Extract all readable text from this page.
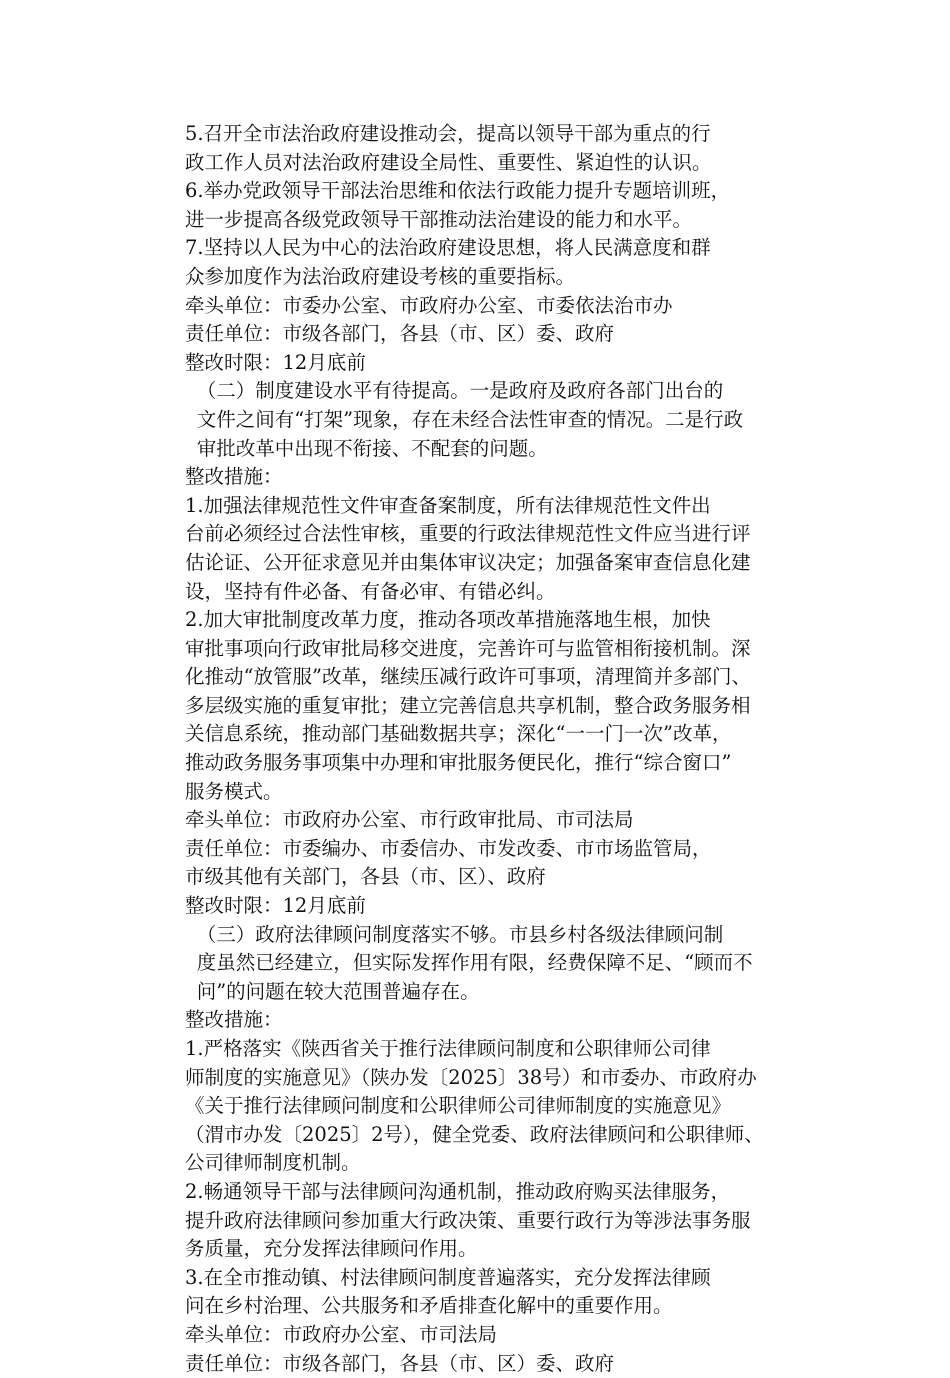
5.召开全市法治政府建设推动会，提高以领导干部为重点的行
政工作人员对法治政府建设全局性、重要性、紧迫性的认识。

6.举办党政领导干部法治思维和依法行政能力提升专题培训班，
进一步提高各级党政领导干部推动法治建设的能力和水平。

7.坚持以人民为中心的法治政府建设思想，将人民满意度和群
众参加度作为法治政府建设考核的重要指标。

牵头单位：市委办公室、市政府办公室、市委依法治市办

责任单位：市级各部门，各县（市、区）委、政府

整改时限：12月底前

（二）制度建设水平有待提高。一是政府及政府各部门出台的
文件之间有“打架”现象，存在未经合法性审查的情况。二是行政
审批改革中出现不衔接、不配套的问题。

整改措施：

1.加强法律规范性文件审查备案制度，所有法律规范性文件出
台前必须经过合法性审核，重要的行政法律规范性文件应当进行评
估论证、公开征求意见并由集体审议决定；加强备案审查信息化建
设，坚持有件必备、有备必审、有错必纠。

2.加大审批制度改革力度，推动各项改革措施落地生根，加快
审批事项向行政审批局移交进度，完善许可与监管相衔接机制。深
化推动“放管服”改革，继续压减行政许可事项，清理简并多部门、
多层级实施的重复审批；建立完善信息共享机制，整合政务服务相
关信息系统，推动部门基础数据共享；深化“一一门一次”改革，
推动政务服务事项集中办理和审批服务便民化，推行“综合窗口”
服务模式。

牵头单位：市政府办公室、市行政审批局、市司法局

责任单位：市委编办、市委信办、市发改委、市市场监管局，
市级其他有关部门，各县（市、区）、政府

整改时限：12月底前

（三）政府法律顾问制度落实不够。市县乡村各级法律顾问制
度虽然已经建立，但实际发挥作用有限，经费保障不足、“顾而不
问”的问题在较大范围普遍存在。

整改措施：

1.严格落实《陕西省关于推行法律顾问制度和公职律师公司律
师制度的实施意见》（陕办发〔2025〕38号）和市委办、市政府办
《关于推行法律顾问制度和公职律师公司律师制度的实施意见》
（渭市办发〔2025〕2号），健全党委、政府法律顾问和公职律师、
公司律师制度机制。

2.畅通领导干部与法律顾问沟通机制，推动政府购买法律服务，
提升政府法律顾问参加重大行政决策、重要行政行为等涉法事务服
务质量，充分发挥法律顾问作用。

3.在全市推动镇、村法律顾问制度普遍落实，充分发挥法律顾
问在乡村治理、公共服务和矛盾排查化解中的重要作用。

牵头单位：市政府办公室、市司法局

责任单位：市级各部门，各县（市、区）委、政府
